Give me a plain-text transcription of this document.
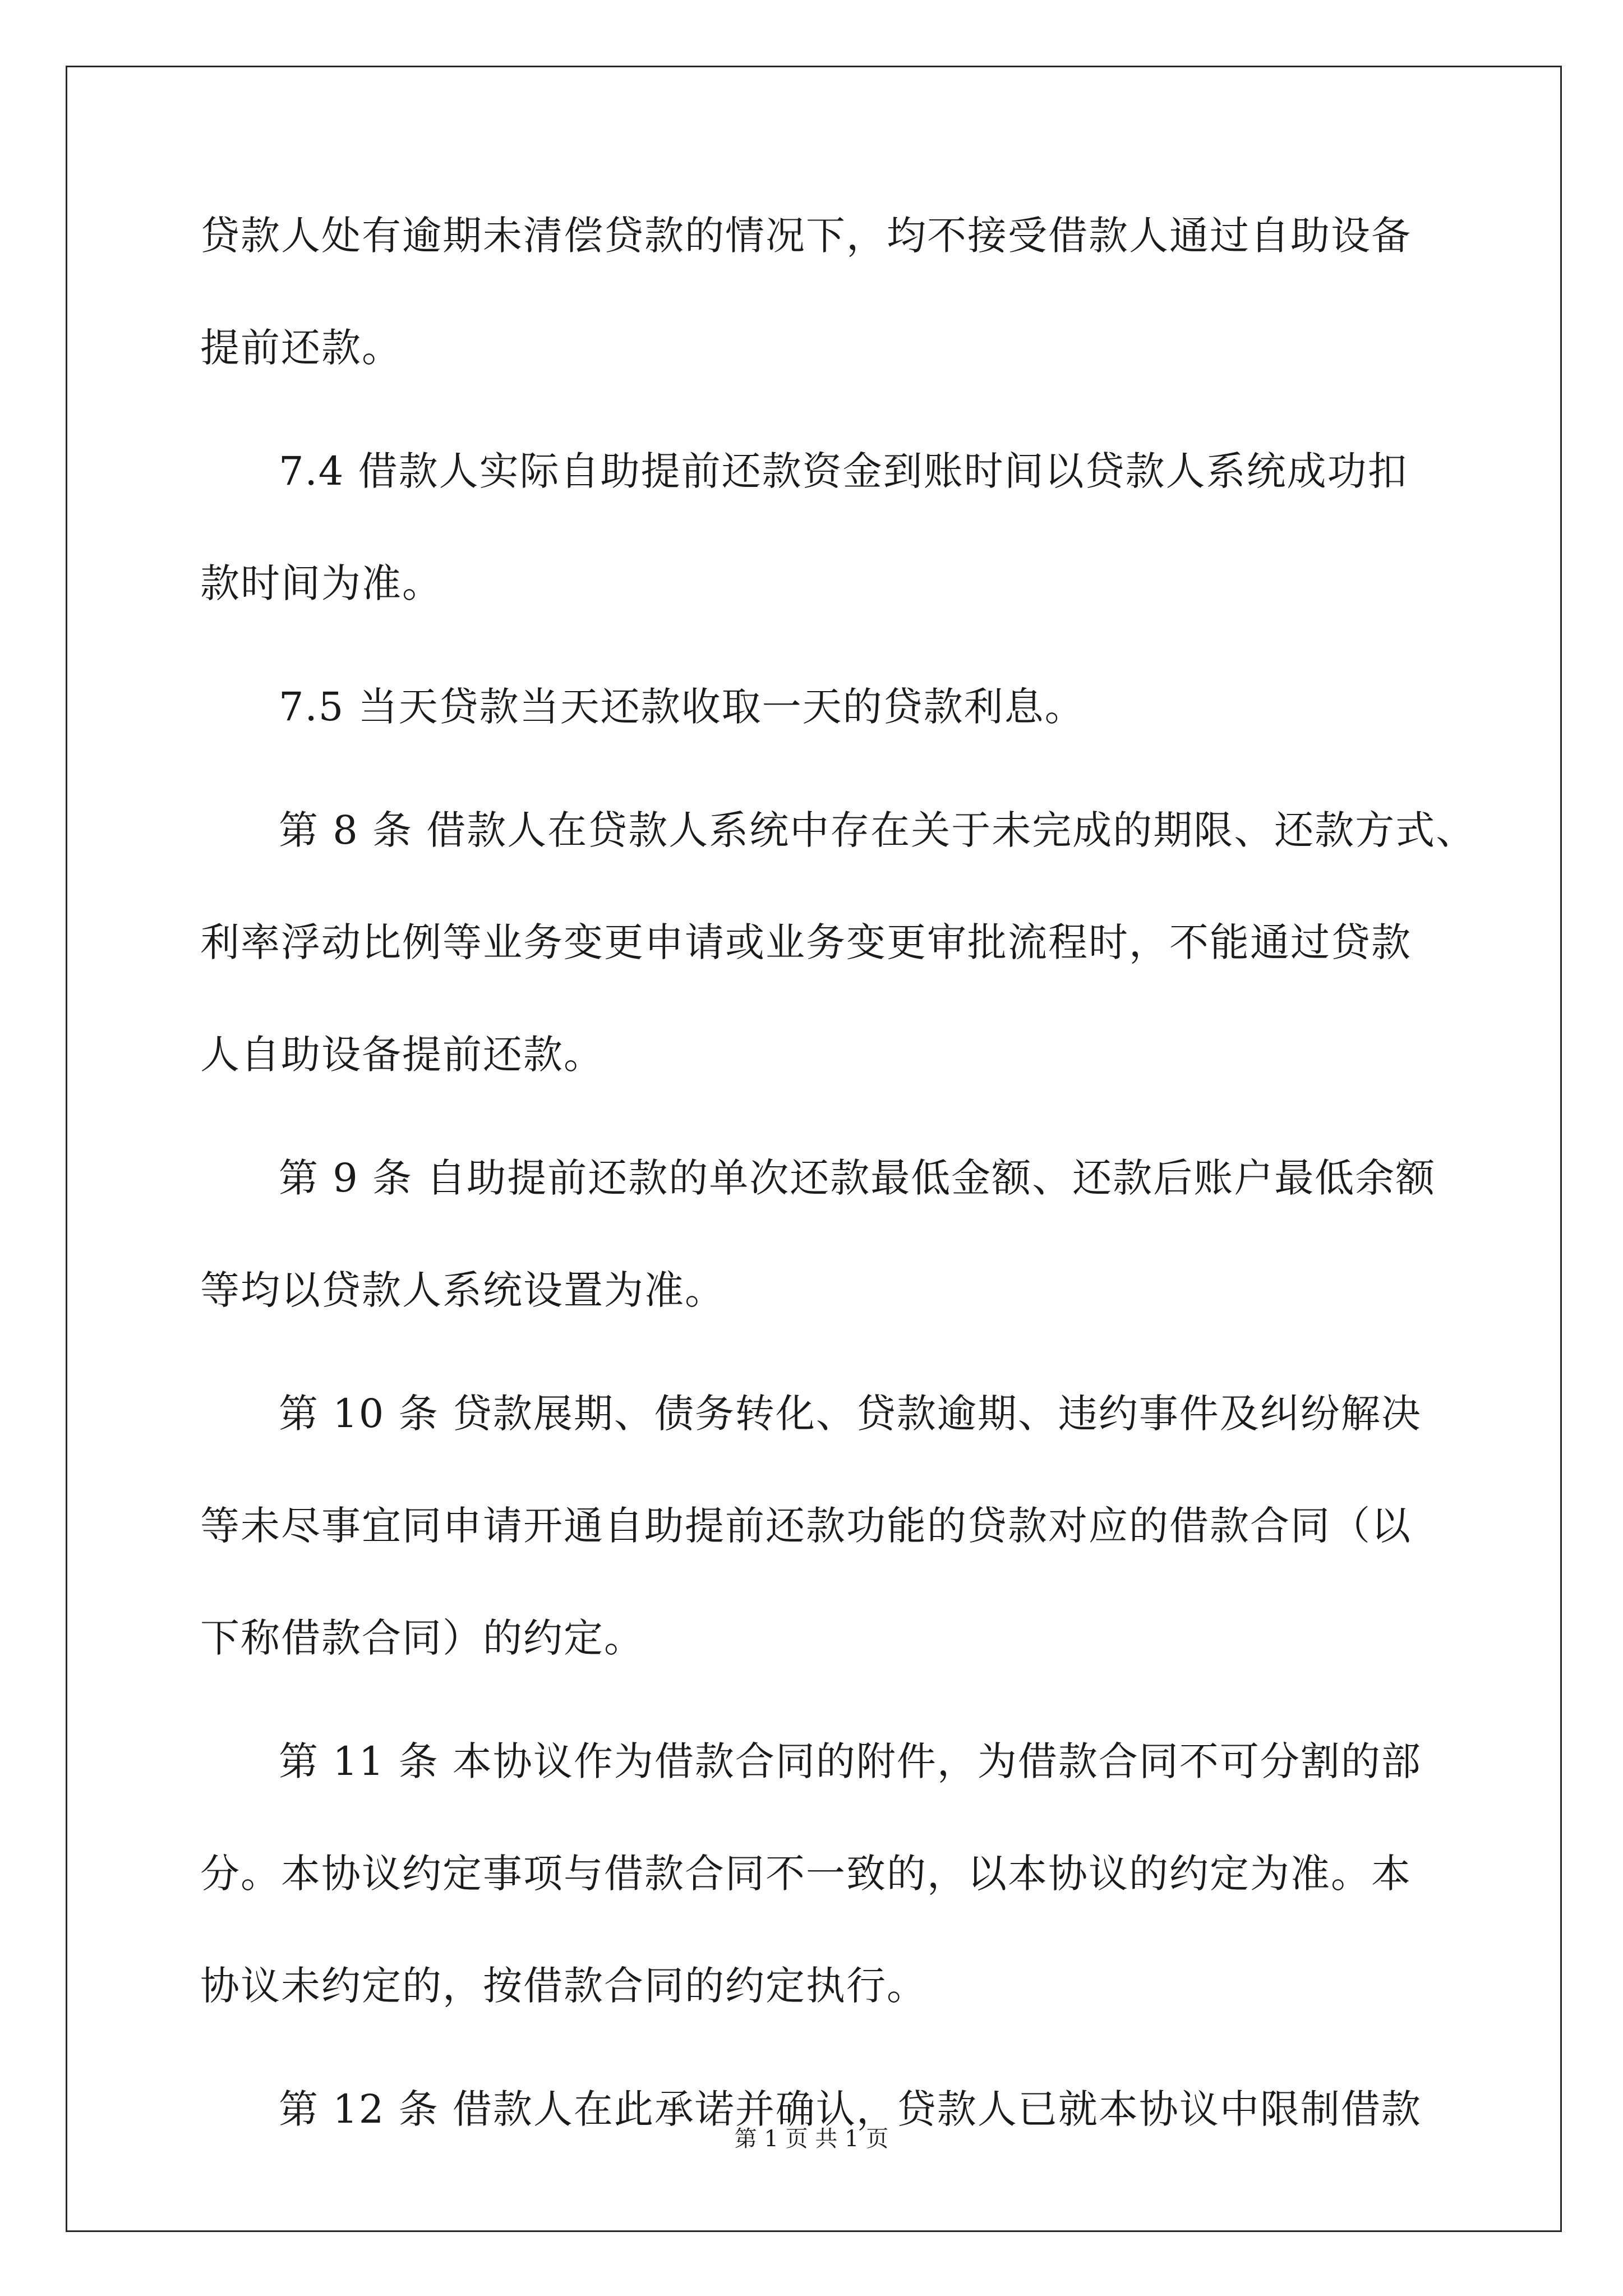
贷款人处有逾期未清偿贷款的情况下，均不接受借款人通过自助设备
提前还款。
7.4 借款人实际自助提前还款资金到账时间以贷款人系统成功扣
款时间为准。
7.5 当天贷款当天还款收取一天的贷款利息。
第 8 条 借款人在贷款人系统中存在关于未完成的期限、还款方式、
利率浮动比例等业务变更申请或业务变更审批流程时，不能通过贷款
人自助设备提前还款。
第 9 条 自助提前还款的单次还款最低金额、还款后账户最低余额
等均以贷款人系统设置为准。
第 10 条 贷款展期、债务转化、贷款逾期、违约事件及纠纷解决
等未尽事宜同申请开通自助提前还款功能的贷款对应的借款合同（以
下称借款合同）的约定。
第 11 条 本协议作为借款合同的附件，为借款合同不可分割的部
分。本协议约定事项与借款合同不一致的，以本协议的约定为准。本
协议未约定的，按借款合同的约定执行。
第 12 条 借款人在此承诺并确认，贷款人已就本协议中限制借款
第 1 页 共 1 页
